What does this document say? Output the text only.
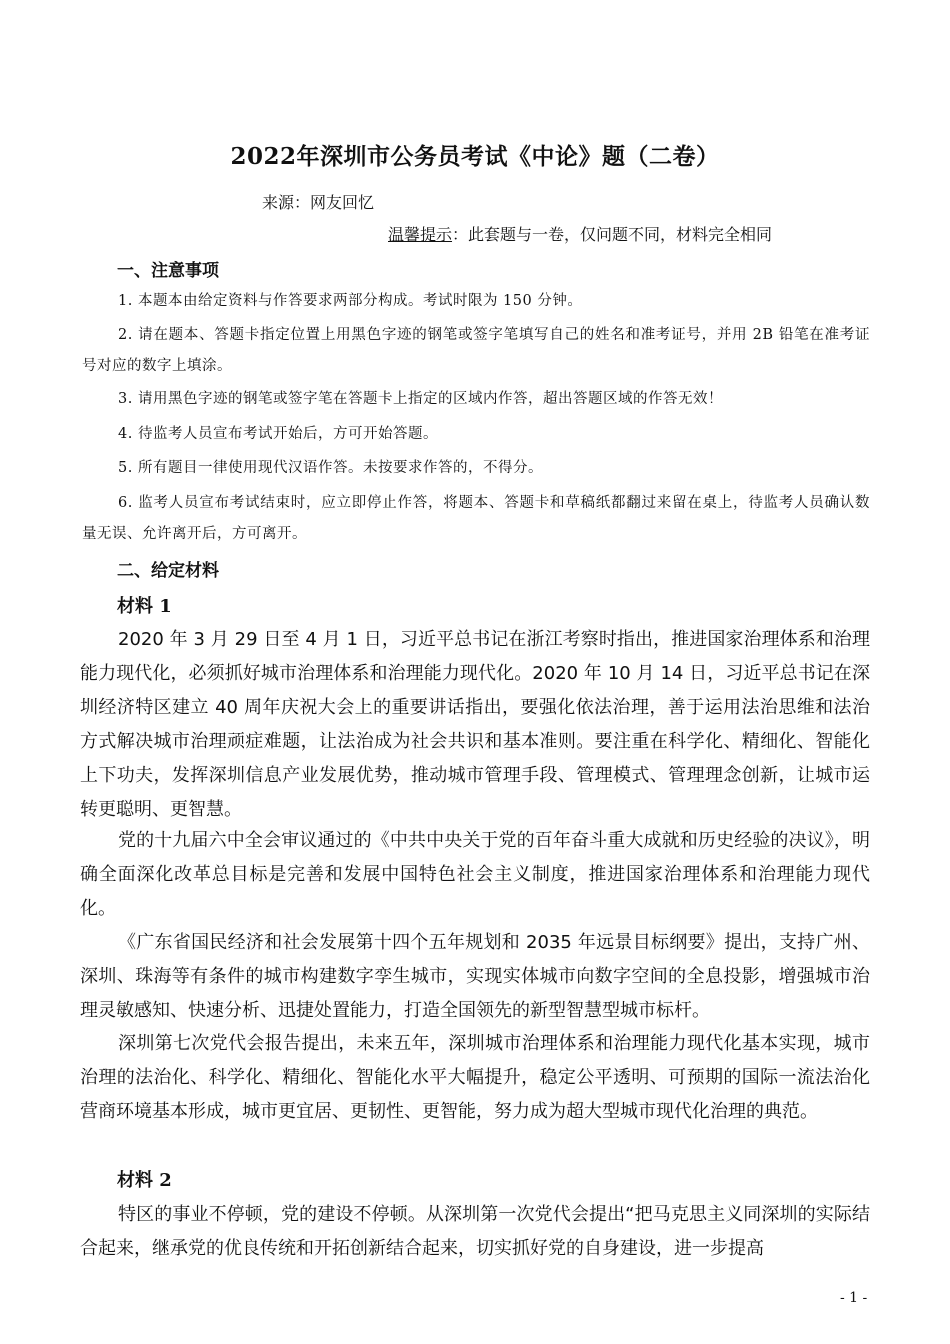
2022年深圳市公务员考试《中论》题（二卷）
来源：网友回忆
温馨提示：此套题与一卷，仅问题不同，材料完全相同
一、注意事项
1. 本题本由给定资料与作答要求两部分构成。考试时限为 150 分钟。
2. 请在题本、答题卡指定位置上用黑色字迹的钢笔或签字笔填写自己的姓名和准考证号，并用 2B 铅笔在准考证号对应的数字上填涂。
3. 请用黑色字迹的钢笔或签字笔在答题卡上指定的区域内作答，超出答题区域的作答无效！
4. 待监考人员宣布考试开始后，方可开始答题。
5. 所有题目一律使用现代汉语作答。未按要求作答的，不得分。
6. 监考人员宣布考试结束时，应立即停止作答，将题本、答题卡和草稿纸都翻过来留在桌上，待监考人员确认数量无误、允许离开后，方可离开。
二、给定材料
材料 1
2020 年 3 月 29 日至 4 月 1 日，习近平总书记在浙江考察时指出，推进国家治理体系和治理能力现代化，必须抓好城市治理体系和治理能力现代化。2020 年 10 月 14 日，习近平总书记在深圳经济特区建立 40 周年庆祝大会上的重要讲话指出，要强化依法治理，善于运用法治思维和法治方式解决城市治理顽症难题，让法治成为社会共识和基本准则。要注重在科学化、精细化、智能化上下功夫，发挥深圳信息产业发展优势，推动城市管理手段、管理模式、管理理念创新，让城市运转更聪明、更智慧。
党的十九届六中全会审议通过的《中共中央关于党的百年奋斗重大成就和历史经验的决议》，明确全面深化改革总目标是完善和发展中国特色社会主义制度，推进国家治理体系和治理能力现代化。
《广东省国民经济和社会发展第十四个五年规划和 2035 年远景目标纲要》提出，支持广州、深圳、珠海等有条件的城市构建数字孪生城市，实现实体城市向数字空间的全息投影，增强城市治理灵敏感知、快速分析、迅捷处置能力，打造全国领先的新型智慧型城市标杆。
深圳第七次党代会报告提出，未来五年，深圳城市治理体系和治理能力现代化基本实现，城市治理的法治化、科学化、精细化、智能化水平大幅提升，稳定公平透明、可预期的国际一流法治化营商环境基本形成，城市更宜居、更韧性、更智能，努力成为超大型城市现代化治理的典范。
材料 2
特区的事业不停顿，党的建设不停顿。从深圳第一次党代会提出“把马克思主义同深圳的实际结合起来，继承党的优良传统和开拓创新结合起来，切实抓好党的自身建设，进一步提高
- 1 -
